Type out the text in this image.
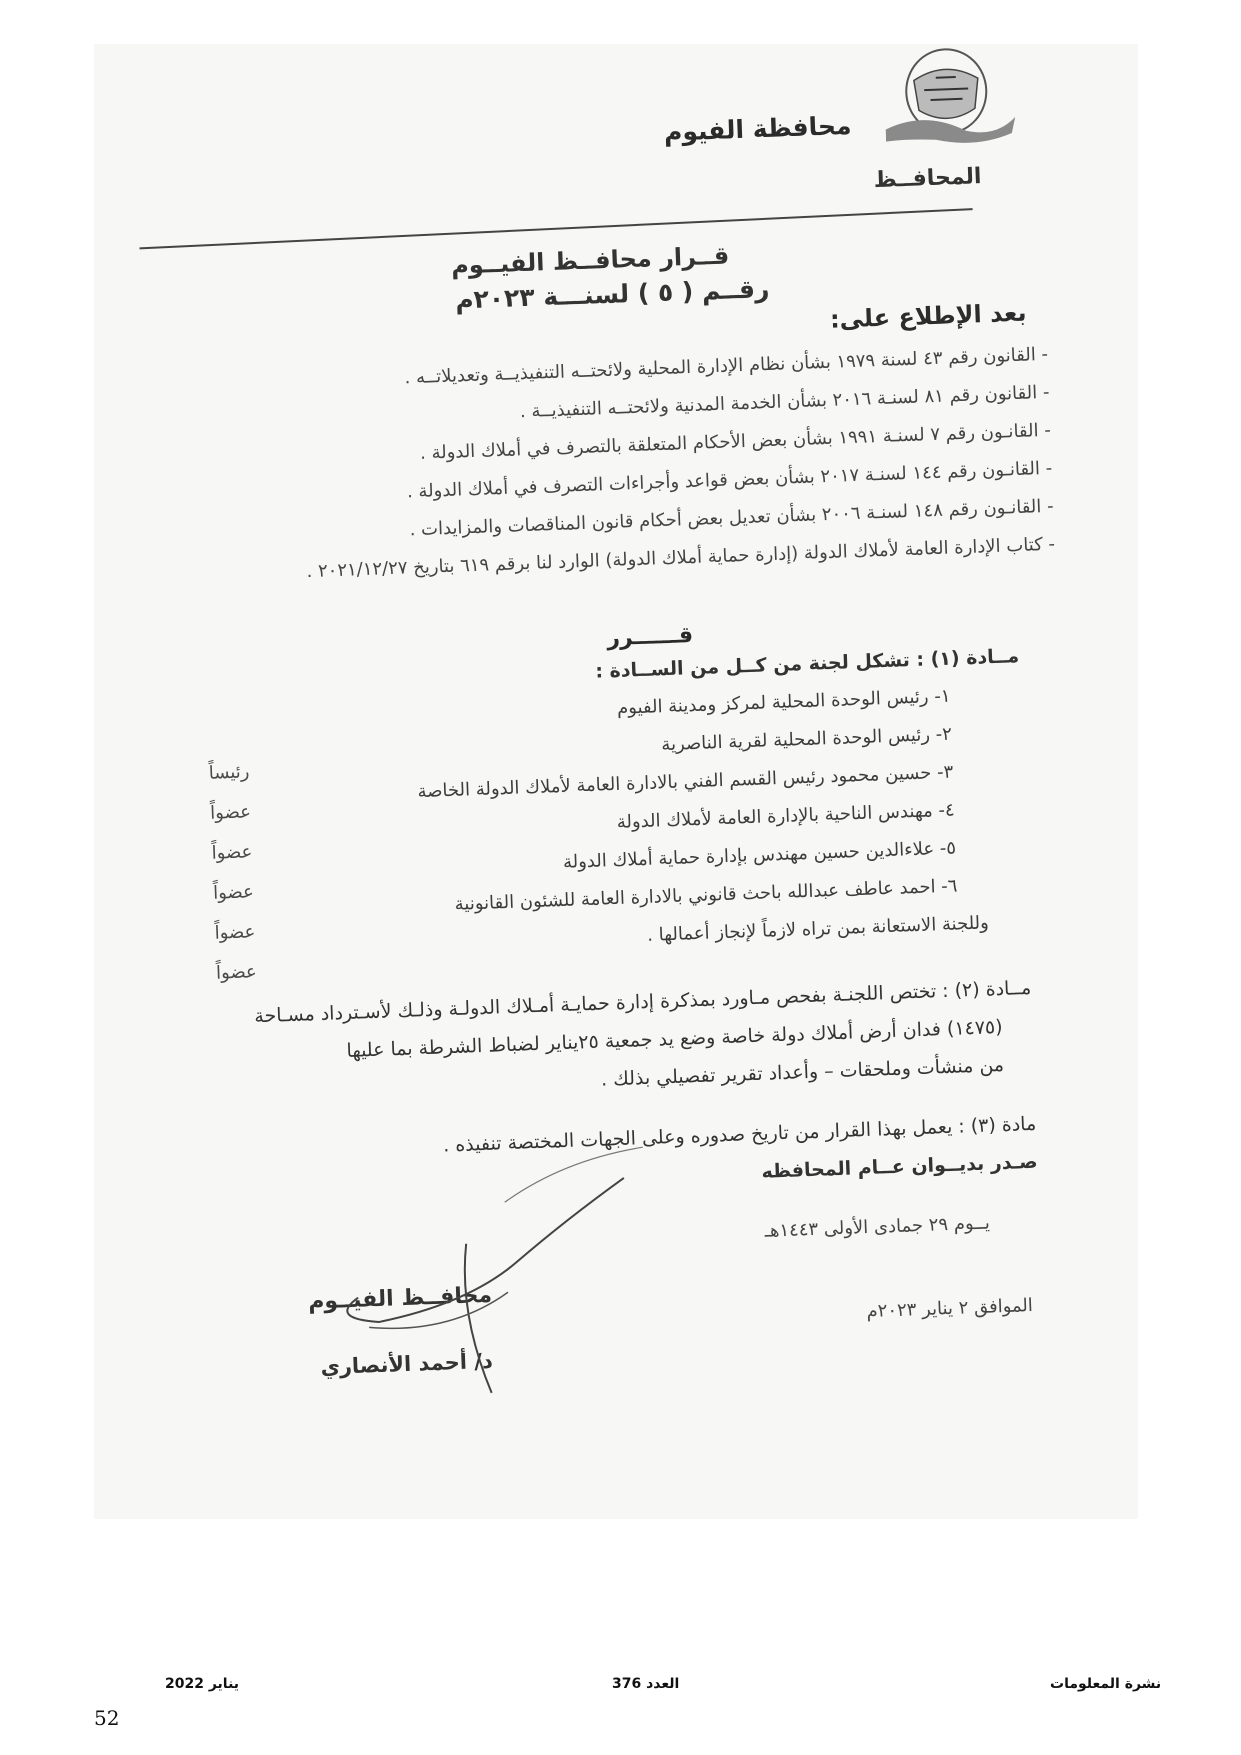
محافظة الفيوم
المحافــظ
قــرار محافــظ الفيــوم
رقــم ( ٥ ) لسنـــة ٢٠٢٣م
بعد الإطلاع على:
- القانون رقم ٤٣ لسنة ١٩٧٩ بشأن نظام الإدارة المحلية ولائحتــه التنفيذيــة وتعديلاتــه .
- القانون رقم ٨١ لسنـة ٢٠١٦ بشأن الخدمة المدنية ولائحتــه التنفيذيــة .
- القانـون رقم ٧ لسنـة ١٩٩١ بشأن بعض الأحكام المتعلقة بالتصرف في أملاك الدولة .
- القانـون رقم ١٤٤ لسنـة ٢٠١٧ بشأن بعض قواعد وأجراءات التصرف في أملاك الدولة .
- القانـون رقم ١٤٨ لسنـة ٢٠٠٦ بشأن تعديل بعض أحكام قانون المناقصات والمزايدات .
- كتاب الإدارة العامة لأملاك الدولة (إدارة حماية أملاك الدولة) الوارد لنا برقم ٦١٩ بتاريخ ٢٠٢١/١٢/٢٧ .
قــــــرر
مــادة (١) : تشكل لجنة من كــل من الســادة :
١- رئيس الوحدة المحلية لمركز ومدينة الفيوم
٢- رئيس الوحدة المحلية لقرية الناصرية
٣- حسين محمود رئيس القسم الفني بالادارة العامة لأملاك الدولة الخاصة
٤- مهندس الناحية بالإدارة العامة لأملاك الدولة
٥- علاءالدين حسين مهندس بإدارة حماية أملاك الدولة
٦- احمد عاطف عبدالله باحث قانوني بالادارة العامة للشئون القانونية
وللجنة الاستعانة بمن تراه لازماً لإنجاز أعمالها .
رئيساً
عضواً
عضواً
عضواً
عضواً
عضواً
مــادة (٢) : تختص اللجنـة بفحص مـاورد بمذكرة إدارة حمايـة أمـلاك الدولـة وذلـك لأسـترداد مسـاحة
(١٤٧٥) فدان أرض أملاك دولة خاصة وضع يد جمعية ٢٥يناير لضباط الشرطة بما عليها
من منشأت وملحقات – وأعداد تقرير تفصيلي بذلك .
مادة (٣) : يعمل بهذا القرار من تاريخ صدوره وعلى الجهات المختصة تنفيذه .
صـدر بديــوان عــام المحافظه
يــوم ٢٩ جمادى الأولى ١٤٤٣هـ
الموافق ٢ يناير ٢٠٢٣م
محافــظ الفيــوم
د/ أحمد الأنصاري
نشرة المعلومات
العدد 376
يناير 2022
52
